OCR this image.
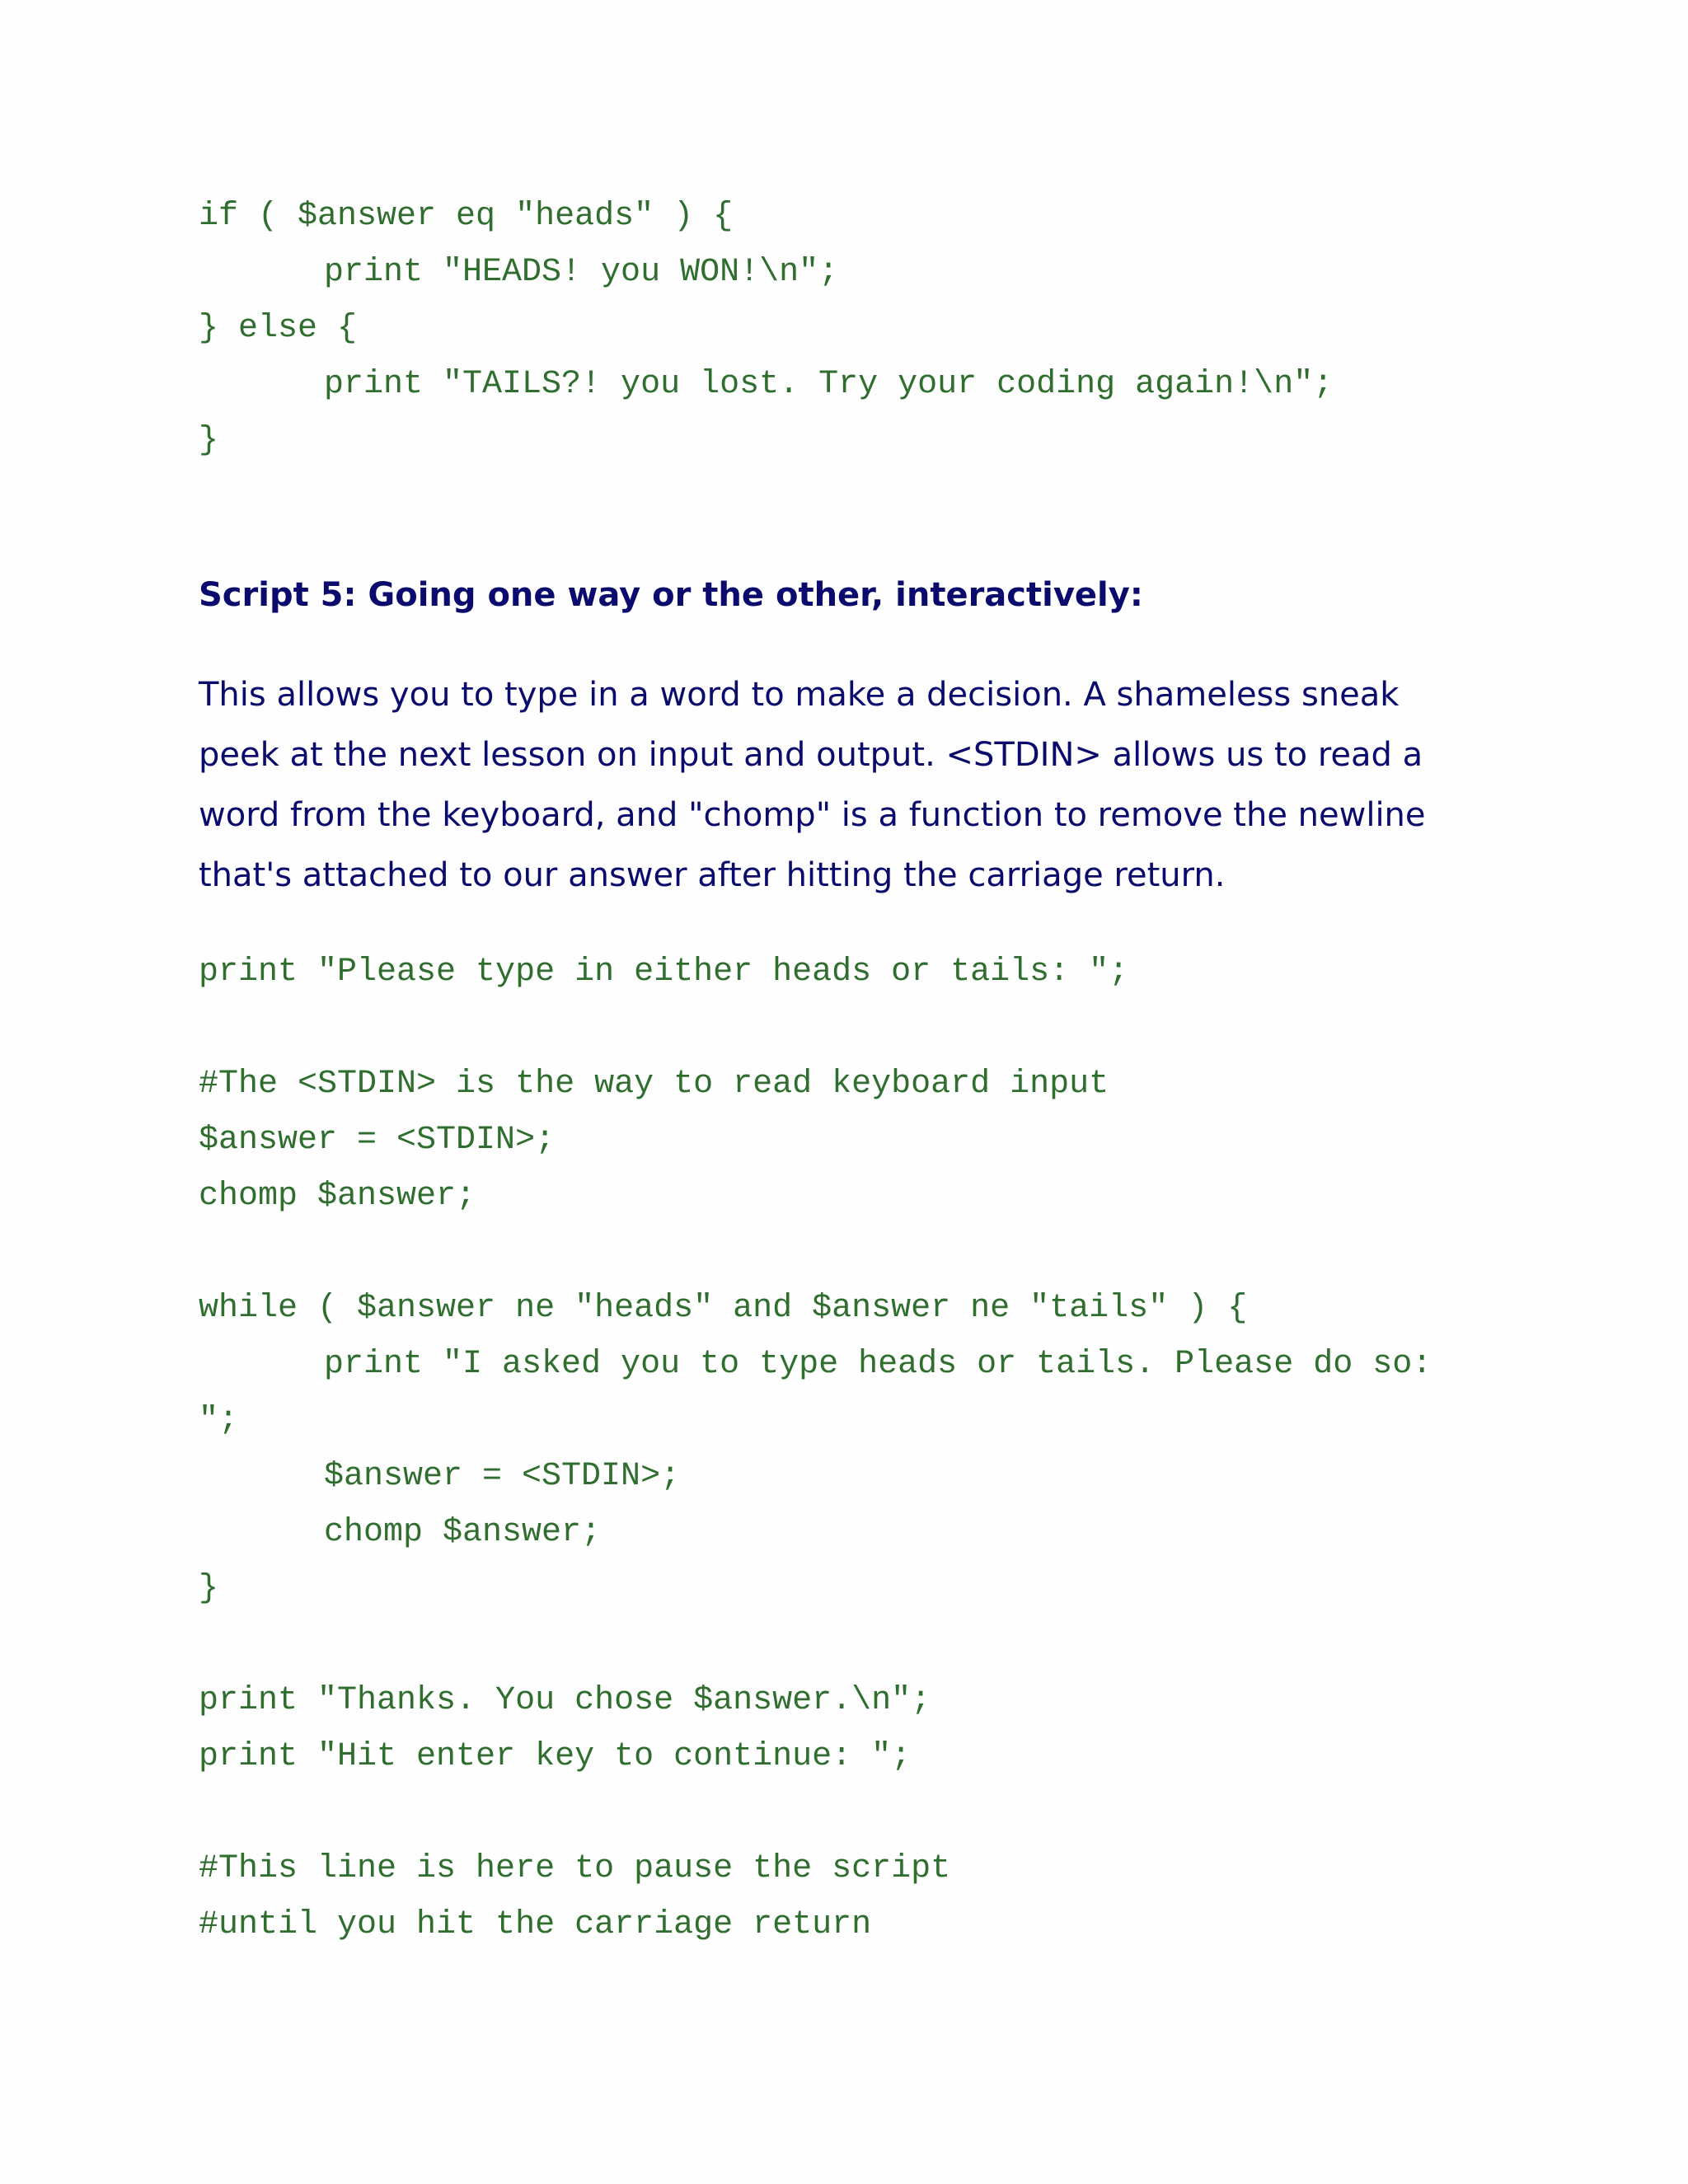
if ( $answer eq "heads" ) {
print "HEADS! you WON!\n";
} else {
print "TAILS?! you lost. Try your coding again!\n";
}
Script 5: Going one way or the other, interactively:

This allows you to type in a word to make a decision. A shameless sneak

peek at the next lesson on input and output. <STDIN> allows us to read a

word from the keyboard, and "chomp" is a function to remove the newline

that's attached to our answer after hitting the carriage return.

print "Please type in either heads or tails: ";
#The <STDIN> is the way to read keyboard input
$answer = <STDIN>;
chomp $answer;
while ( $answer ne "heads" and $answer ne "tails" ) {
print "I asked you to type heads or tails. Please do so:
";
$answer = <STDIN>;
chomp $answer;
}
print "Thanks. You chose $answer.\n";
print "Hit enter key to continue: ";
#This line is here to pause the script
#until you hit the carriage return
